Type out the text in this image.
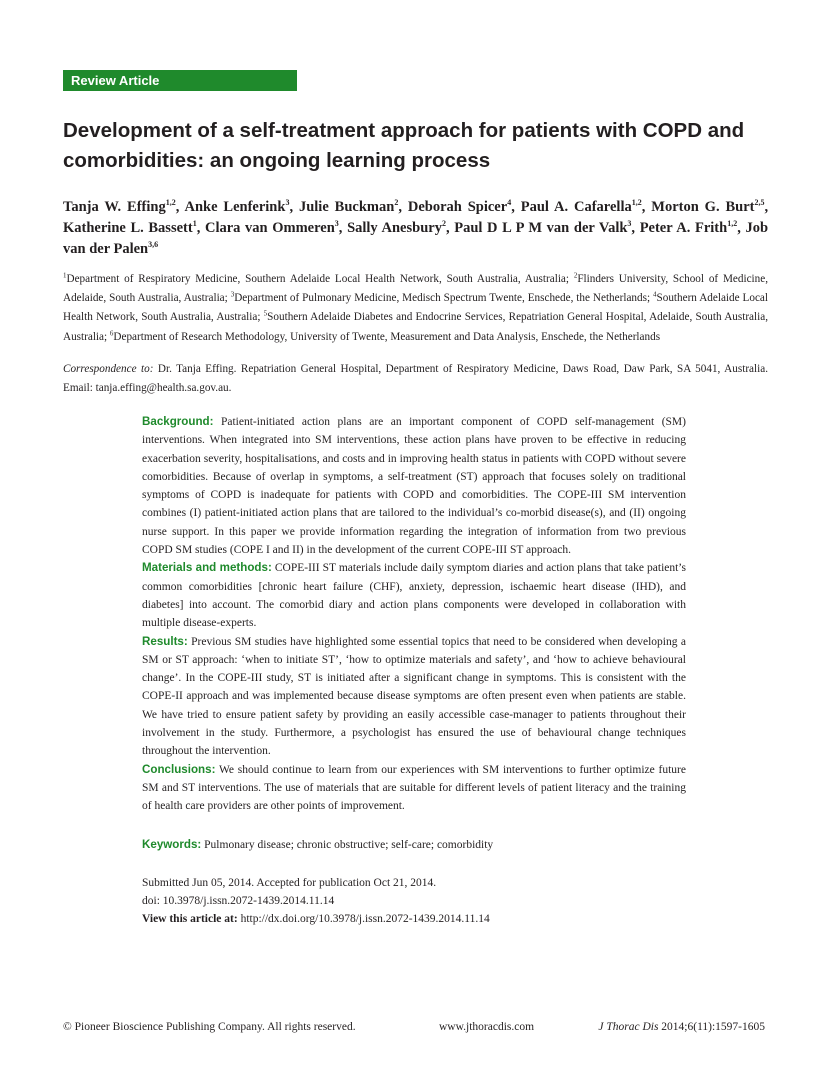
Review Article
Development of a self-treatment approach for patients with COPD and comorbidities: an ongoing learning process
Tanja W. Effing$^{1,2}$, Anke Lenferink$^3$, Julie Buckman$^2$, Deborah Spicer$^4$, Paul A. Cafarella$^{1,2}$, Morton G. Burt$^{2,5}$, Katherine L. Bassett$^1$, Clara van Ommeren$^3$, Sally Anesbury$^2$, Paul D L P M van der Valk$^3$, Peter A. Frith$^{1,2}$, Job van der Palen$^{3,6}$
$^1$Department of Respiratory Medicine, Southern Adelaide Local Health Network, South Australia, Australia; $^2$Flinders University, School of Medicine, Adelaide, South Australia, Australia; $^3$Department of Pulmonary Medicine, Medisch Spectrum Twente, Enschede, the Netherlands; $^4$Southern Adelaide Local Health Network, South Australia, Australia; $^5$Southern Adelaide Diabetes and Endocrine Services, Repatriation General Hospital, Adelaide, South Australia, Australia; $^6$Department of Research Methodology, University of Twente, Measurement and Data Analysis, Enschede, the Netherlands
Correspondence to: Dr. Tanja Effing. Repatriation General Hospital, Department of Respiratory Medicine, Daws Road, Daw Park, SA 5041, Australia. Email: tanja.effing@health.sa.gov.au.

Background: Patient-initiated action plans are an important component of COPD self-management (SM) interventions. When integrated into SM interventions, these action plans have proven to be effective in reducing exacerbation severity, hospitalisations, and costs and in improving health status in patients with COPD without severe comorbidities. Because of overlap in symptoms, a self-treatment (ST) approach that focuses solely on traditional symptoms of COPD is inadequate for patients with COPD and comorbidities. The COPE-III SM intervention combines (I) patient-initiated action plans that are tailored to the individual’s co-morbid disease(s), and (II) ongoing nurse support. In this paper we provide information regarding the integration of information from two previous COPD SM studies (COPE I and II) in the development of the current COPE-III ST approach.

Materials and methods: COPE-III ST materials include daily symptom diaries and action plans that take patient’s common comorbidities [chronic heart failure (CHF), anxiety, depression, ischaemic heart disease (IHD), and diabetes] into account. The comorbid diary and action plans components were developed in collaboration with multiple disease-experts.

Results: Previous SM studies have highlighted some essential topics that need to be considered when developing a SM or ST approach: ‘when to initiate ST’, ‘how to optimize materials and safety’, and ‘how to achieve behavioural change’. In the COPE-III study, ST is initiated after a significant change in symptoms. This is consistent with the COPE-II approach and was implemented because disease symptoms are often present even when patients are stable. We have tried to ensure patient safety by providing an easily accessible case-manager to patients throughout their involvement in the study. Furthermore, a psychologist has ensured the use of behavioural change techniques throughout the intervention.

Conclusions: We should continue to learn from our experiences with SM interventions to further optimize future SM and ST interventions. The use of materials that are suitable for different levels of patient literacy and the training of health care providers are other points of improvement.

Keywords: Pulmonary disease; chronic obstructive; self-care; comorbidity
Submitted Jun 05, 2014. Accepted for publication Oct 21, 2014.
doi: 10.3978/j.issn.2072-1439.2014.11.14
View this article at: http://dx.doi.org/10.3978/j.issn.2072-1439.2014.11.14
© Pioneer Bioscience Publishing Company. All rights reserved.	www.jthoracdis.com	J Thorac Dis 2014;6(11):1597-1605
